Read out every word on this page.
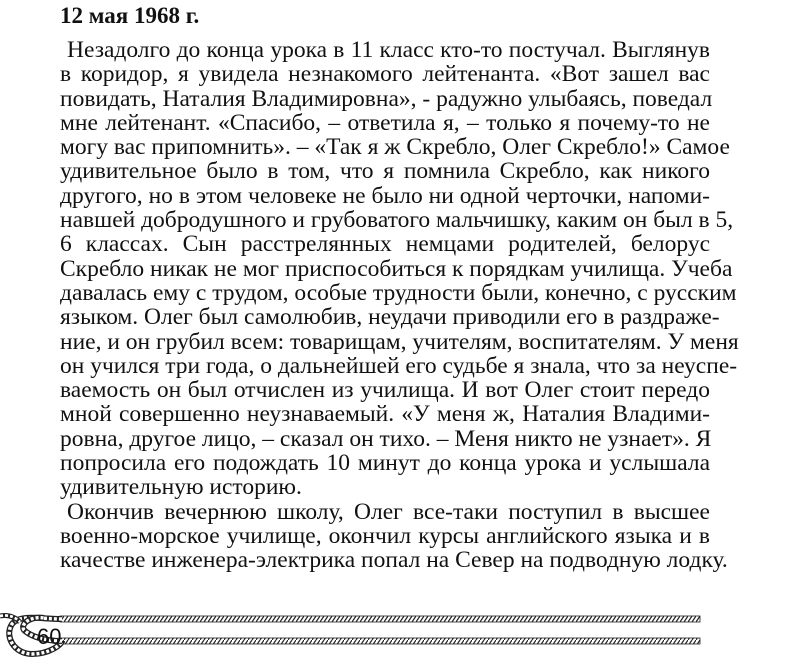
12 мая 1968 г.
Незадолго до конца урока в 11 класс кто-то постучал. Выглянув
в коридор, я увидела незнакомого лейтенанта. «Вот зашел вас
повидать, Наталия Владимировна», - радужно улыбаясь, поведал
мне лейтенант. «Спасибо, – ответила я, – только я почему-то не
могу вас припомнить». – «Так я ж Скребло, Олег Скребло!» Самое
удивительное было в том, что я помнила Скребло, как никого
другого, но в этом человеке не было ни одной черточки, напоми-
навшей добродушного и грубоватого мальчишку, каким он был в 5,
6 классах. Сын расстрелянных немцами родителей, белорус
Скребло никак не мог приспособиться к порядкам училища. Учеба
давалась ему с трудом, особые трудности были, конечно, с русским
языком. Олег был самолюбив, неудачи приводили его в раздраже-
ние, и он грубил всем: товарищам, учителям, воспитателям. У меня
он учился три года, о дальнейшей его судьбе я знала, что за неуспе-
ваемость он был отчислен из училища. И вот Олег стоит передо
мной совершенно неузнаваемый. «У меня ж, Наталия Владими-
ровна, другое лицо, – сказал он тихо. – Меня никто не узнает». Я
попросила его подождать 10 минут до конца урока и услышала
удивительную историю.
Окончив вечернюю школу, Олег все-таки поступил в высшее
военно-морское училище, окончил курсы английского языка и в
качестве инженера-электрика попал на Север на подводную лодку.
60
